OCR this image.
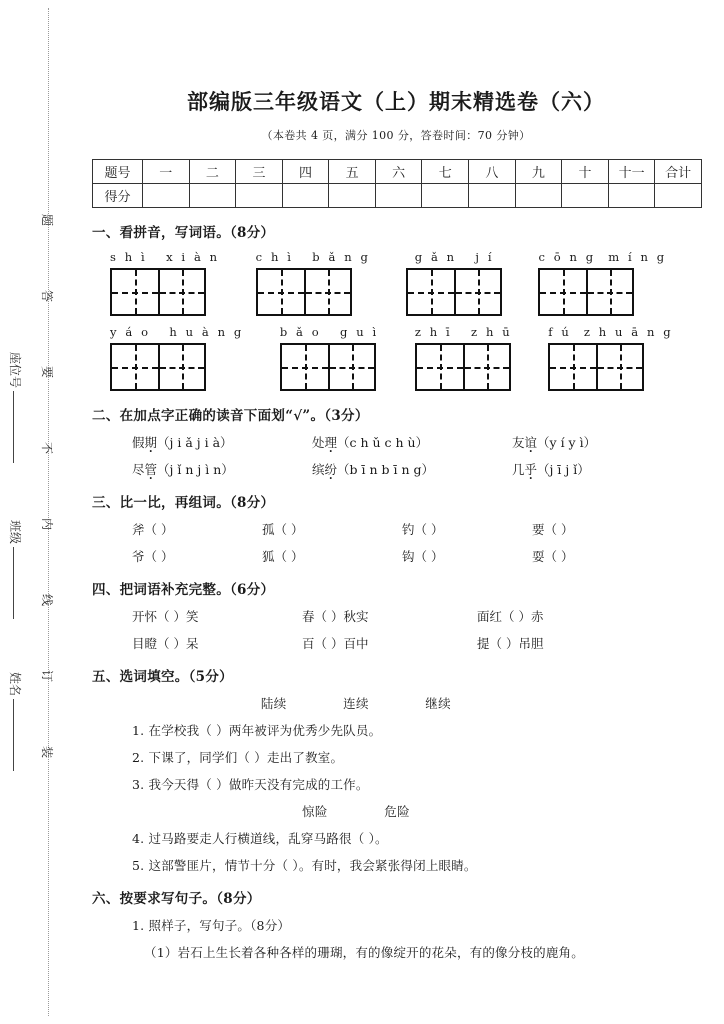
座位号
班级
姓名
题
答
要
不
内
线
订
装
部编版三年级语文（上）期末精选卷（六）
（本卷共 4 页，满分 100 分，答卷时间：70 分钟）
题号	一	二	三	四	五	六	七	八	九	十	十一	合计
得分												
一、看拼音，写词语。（8分）
s h ì   x i à n	c h ì   b ǎ n g	g ǎ n   j í	c ō n g  m í n g
y á o   h u à n g	b ǎ o   g u ì	z h ī   z h ū	f ú  z h u ā n g
二、在加点字正确的读音下面划“√”。（3分）
假期（j i ǎ j i à）	处理（c h ǔ c h ù）	友谊（y í y ì）
尽管（j ǐ n j ì n）	缤纷（b ī n b ī n g）	几乎（j ī j ǐ）
三、比一比，再组词。（8分）
斧（ ）	孤（ ）	钓（ ）	要（ ）
爷（ ）	狐（ ）	钩（ ）	耍（ ）
四、把词语补充完整。（6分）
开怀（ ）笑	春（ ）秋实	面红（ ）赤
目瞪（ ）呆	百（ ）百中	提（ ）吊胆
五、选词填空。（5分）
陆续	连续	继续
1. 在学校我（ ）两年被评为优秀少先队员。
2. 下课了，同学们（ ）走出了教室。
3. 我今天得（ ）做昨天没有完成的工作。
惊险	危险
4. 过马路要走人行横道线，乱穿马路很（ ）。
5. 这部警匪片，情节十分（ ）。有时，我会紧张得闭上眼睛。
六、按要求写句子。（8分）
1. 照样子，写句子。（8分）
（1）岩石上生长着各种各样的珊瑚，有的像绽开的花朵，有的像分枝的鹿角。
